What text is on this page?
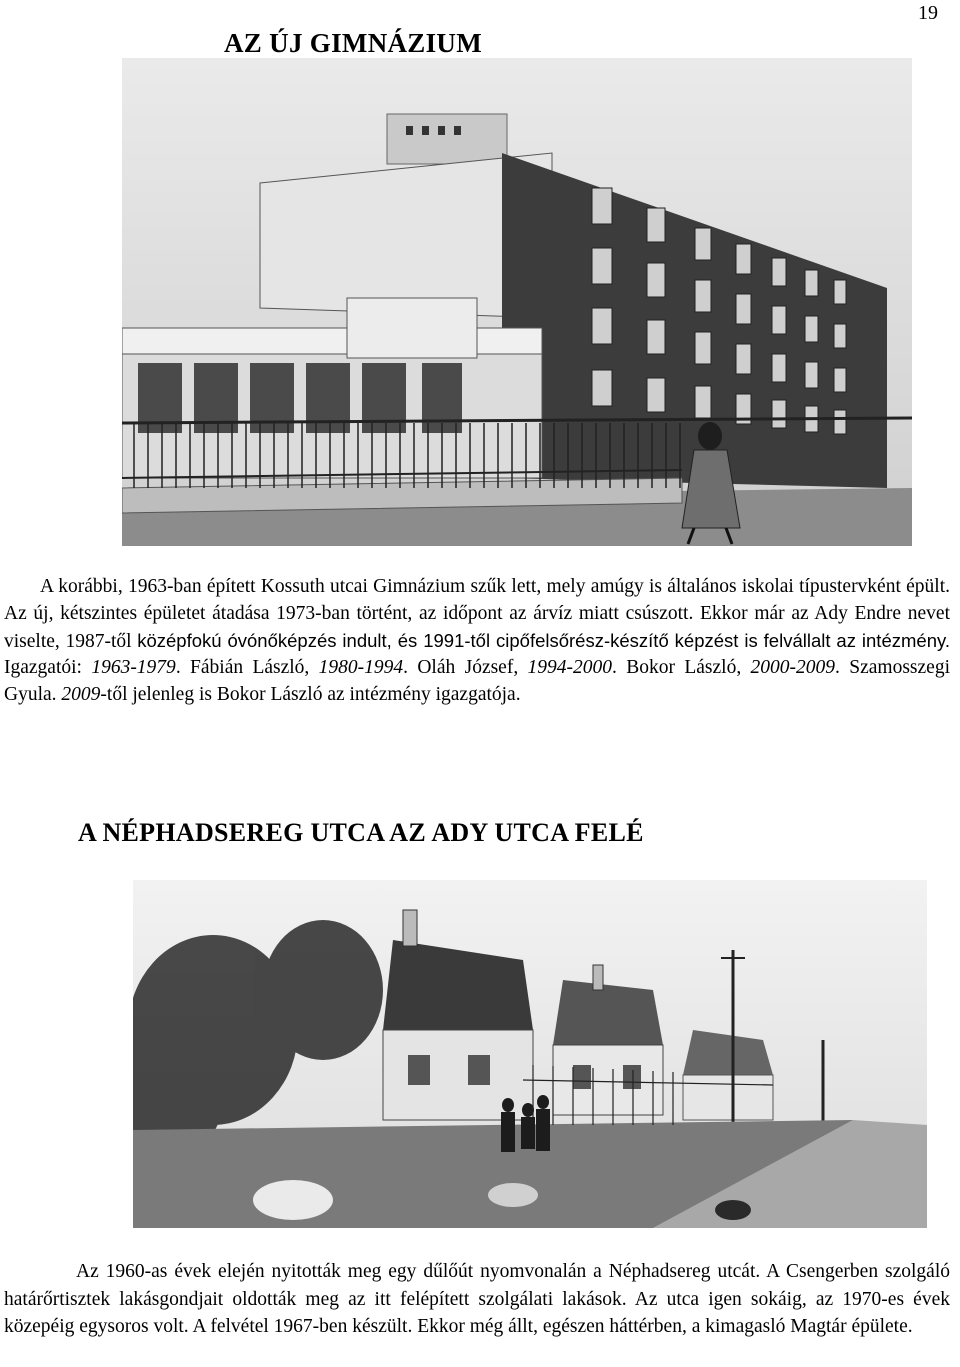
19
AZ ÚJ GIMNÁZIUM

A korábbi, 1963-ban épített Kossuth utcai Gimnázium szűk lett, mely amúgy is általános iskolai típustervként épült. Az új, kétszintes épületet átadása 1973-ban történt, az időpont az árvíz miatt csúszott. Ekkor már az Ady Endre nevet viselte, 1987-től középfokú óvónőképzés indult, és 1991-től cipőfelsőrész-készítő képzést is felvállalt az intézmény. Igazgatói: 1963-1979. Fábián László, 1980-1994. Oláh József, 1994-2000. Bokor László, 2000-2009. Szamosszegi Gyula. 2009-től jelenleg is Bokor László az intézmény igazgatója.

A NÉPHADSEREG UTCA AZ ADY UTCA FELÉ

Az 1960-as évek elején nyitották meg egy dűlőút nyomvonalán a Néphadsereg utcát. A Csengerben szolgáló határőrtisztek lakásgondjait oldották meg az itt felépített szolgálati lakások. Az utca igen sokáig, az 1970-es évek közepéig egysoros volt. A felvétel 1967-ben készült. Ekkor még állt, egészen háttérben, a kimagasló Magtár épülete.
